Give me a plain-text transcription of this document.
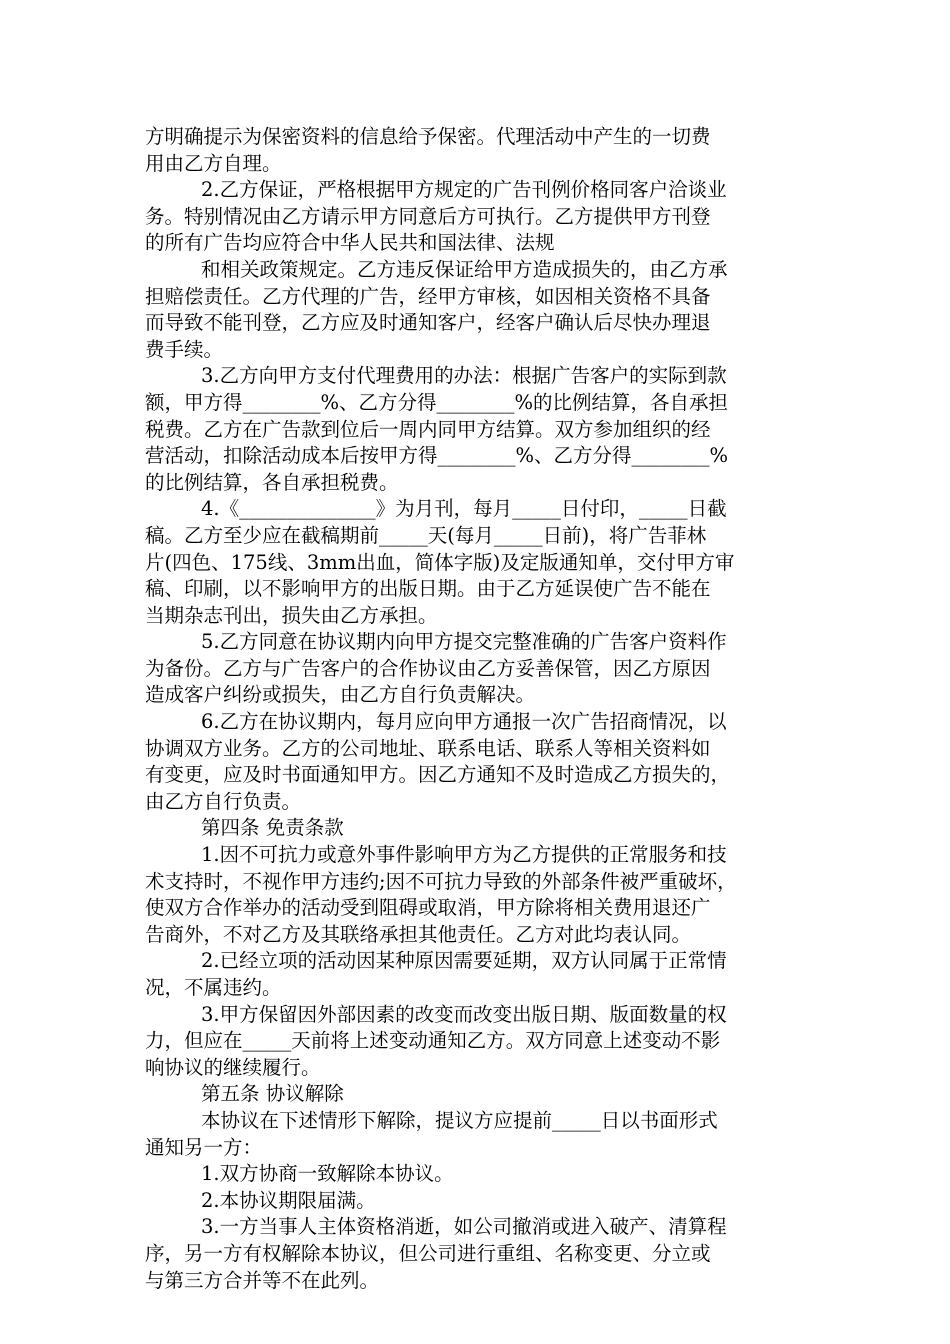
方明确提示为保密资料的信息给予保密。代理活动中产生的一切费
用由乙方自理。
2.乙方保证，严格根据甲方规定的广告刊例价格同客户洽谈业
务。特别情况由乙方请示甲方同意后方可执行。乙方提供甲方刊登
的所有广告均应符合中华人民共和国法律、法规
和相关政策规定。乙方违反保证给甲方造成损失的，由乙方承
担赔偿责任。乙方代理的广告，经甲方审核，如因相关资格不具备
而导致不能刊登，乙方应及时通知客户，经客户确认后尽快办理退
费手续。
3.乙方向甲方支付代理费用的办法：根据广告客户的实际到款
额，甲方得________%、乙方分得________%的比例结算，各自承担
税费。乙方在广告款到位后一周内同甲方结算。双方参加组织的经
营活动，扣除活动成本后按甲方得________%、乙方分得________%
的比例结算，各自承担税费。
4.《______________》为月刊，每月_____日付印，_____日截
稿。乙方至少应在截稿期前_____天(每月_____日前)，将广告菲林
片(四色、175线、3mm出血，简体字版)及定版通知单，交付甲方审
稿、印刷，以不影响甲方的出版日期。由于乙方延误使广告不能在
当期杂志刊出，损失由乙方承担。
5.乙方同意在协议期内向甲方提交完整准确的广告客户资料作
为备份。乙方与广告客户的合作协议由乙方妥善保管，因乙方原因
造成客户纠纷或损失，由乙方自行负责解决。
6.乙方在协议期内，每月应向甲方通报一次广告招商情况，以
协调双方业务。乙方的公司地址、联系电话、联系人等相关资料如
有变更，应及时书面通知甲方。因乙方通知不及时造成乙方损失的，
由乙方自行负责。
第四条 免责条款
1.因不可抗力或意外事件影响甲方为乙方提供的正常服务和技
术支持时，不视作甲方违约;因不可抗力导致的外部条件被严重破坏，
使双方合作举办的活动受到阻碍或取消，甲方除将相关费用退还广
告商外，不对乙方及其联络承担其他责任。乙方对此均表认同。
2.已经立项的活动因某种原因需要延期，双方认同属于正常情
况，不属违约。
3.甲方保留因外部因素的改变而改变出版日期、版面数量的权
力，但应在_____天前将上述变动通知乙方。双方同意上述变动不影
响协议的继续履行。
第五条 协议解除
本协议在下述情形下解除，提议方应提前_____日以书面形式
通知另一方：
1.双方协商一致解除本协议。
2.本协议期限届满。
3.一方当事人主体资格消逝，如公司撤消或进入破产、清算程
序，另一方有权解除本协议，但公司进行重组、名称变更、分立或
与第三方合并等不在此列。
